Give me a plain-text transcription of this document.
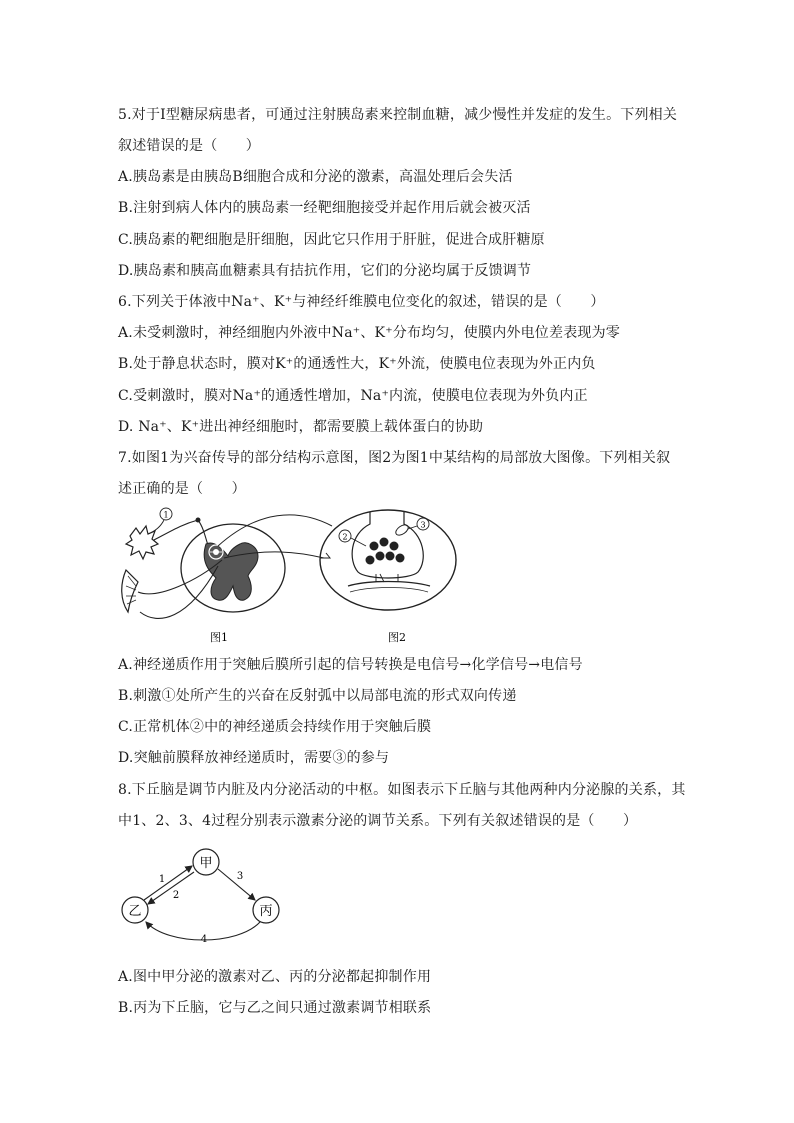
5.对于Ⅰ型糖尿病患者，可通过注射胰岛素来控制血糖，减少慢性并发症的发生。下列相关
叙述错误的是（　　）
A.胰岛素是由胰岛B细胞合成和分泌的激素，高温处理后会失活
B.注射到病人体内的胰岛素一经靶细胞接受并起作用后就会被灭活
C.胰岛素的靶细胞是肝细胞，因此它只作用于肝脏，促进合成肝糖原
D.胰岛素和胰高血糖素具有拮抗作用，它们的分泌均属于反馈调节
6.下列关于体液中Na⁺、K⁺与神经纤维膜电位变化的叙述，错误的是（　　）
A.未受刺激时，神经细胞内外液中Na⁺、K⁺分布均匀，使膜内外电位差表现为零
B.处于静息状态时，膜对K⁺的通透性大，K⁺外流，使膜电位表现为外正内负
C.受刺激时，膜对Na⁺的通透性增加，Na⁺内流，使膜电位表现为外负内正
D. Na⁺、K⁺进出神经细胞时，都需要膜上载体蛋白的协助
7.如图1为兴奋传导的部分结构示意图，图2为图1中某结构的局部放大图像。下列相关叙
述正确的是（　　）
1
2
3
图1	图2
A.神经递质作用于突触后膜所引起的信号转换是电信号→化学信号→电信号
B.刺激①处所产生的兴奋在反射弧中以局部电流的形式双向传递
C.正常机体②中的神经递质会持续作用于突触后膜
D.突触前膜释放神经递质时，需要③的参与
8.下丘脑是调节内脏及内分泌活动的中枢。如图表示下丘脑与其他两种内分泌腺的关系，其
中1、2、3、4过程分别表示激素分泌的调节关系。下列有关叙述错误的是（　　）
甲
乙	丙
1
2
3
4
A.图中甲分泌的激素对乙、丙的分泌都起抑制作用
B.丙为下丘脑，它与乙之间只通过激素调节相联系
